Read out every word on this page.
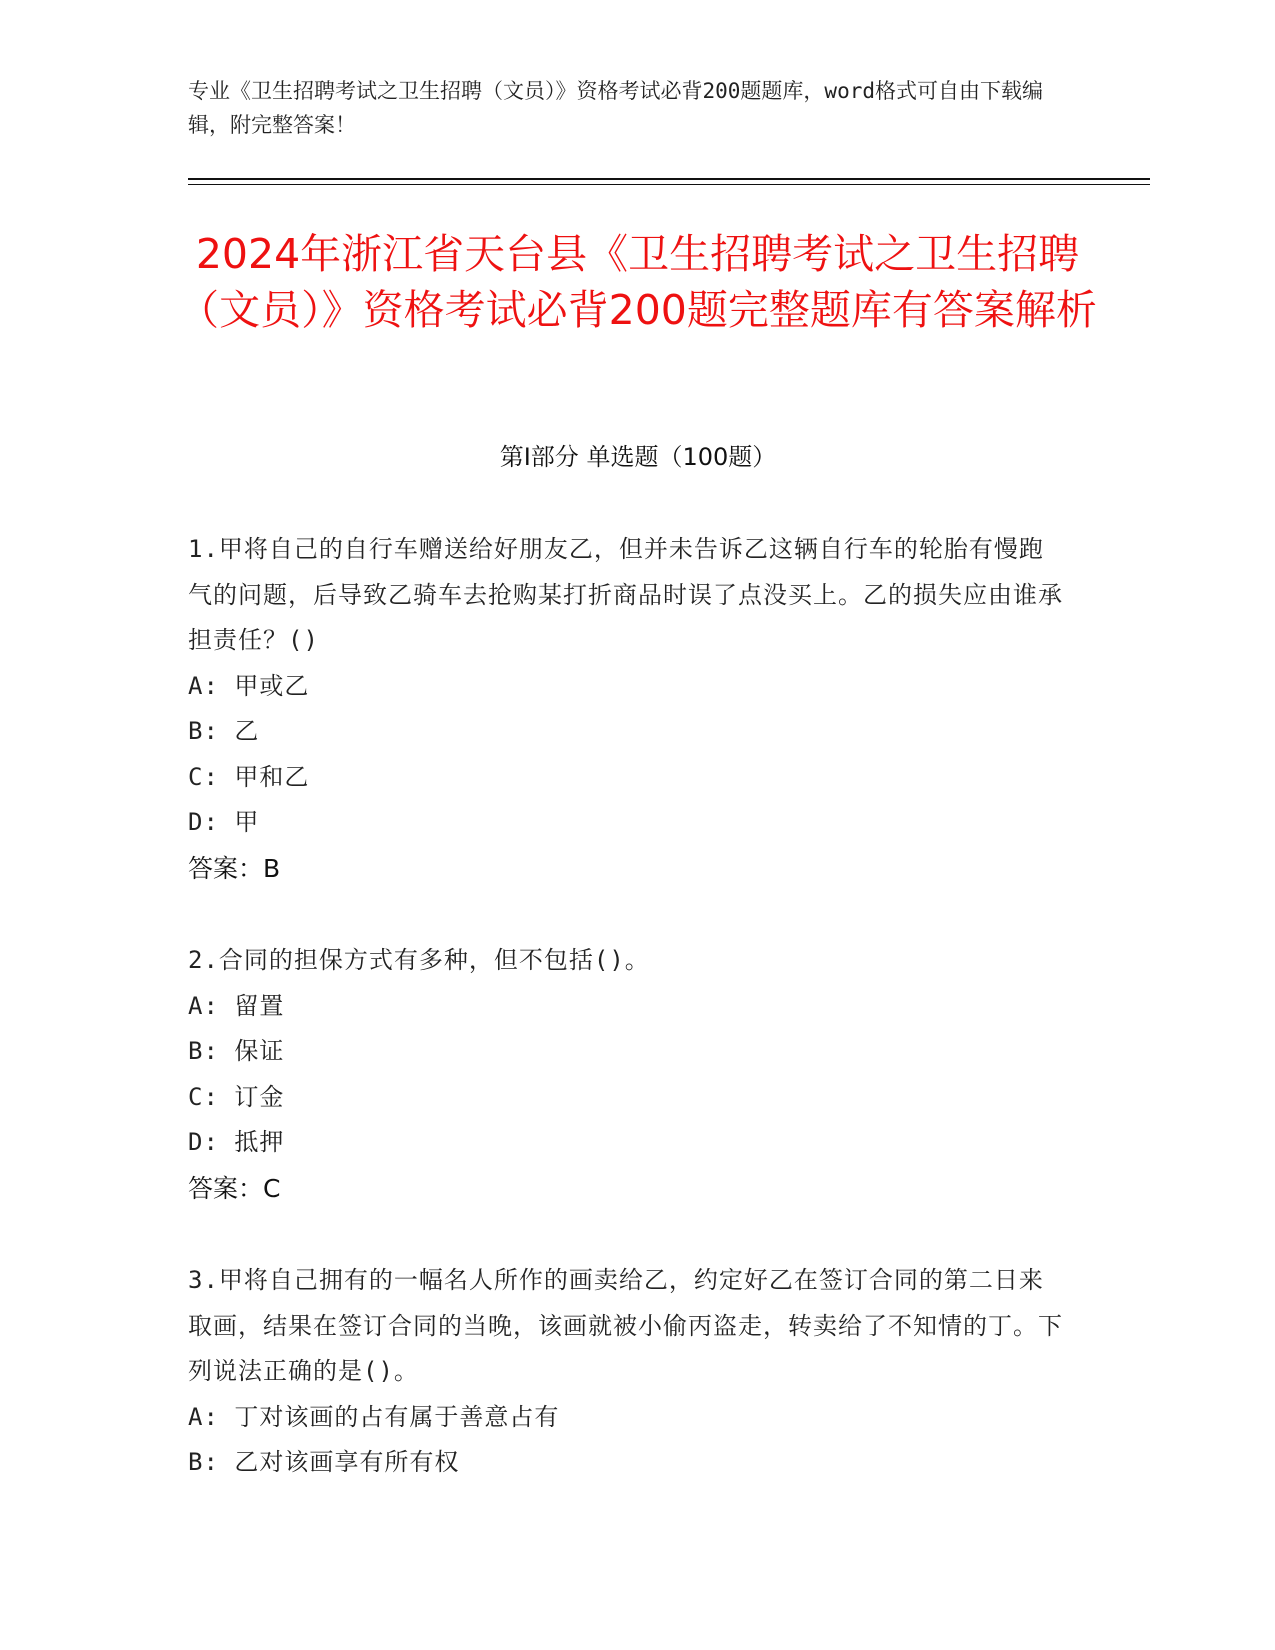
专业《卫生招聘考试之卫生招聘（文员）》资格考试必背200题题库，word格式可自由下载编辑，附完整答案！
2024年浙江省天台县《卫生招聘考试之卫生招聘（文员）》资格考试必背200题完整题库有答案解析
第Ⅰ部分 单选题（100题）
1.甲将自己的自行车赠送给好朋友乙，但并未告诉乙这辆自行车的轮胎有慢跑气的问题，后导致乙骑车去抢购某打折商品时误了点没买上。乙的损失应由谁承担责任？()
A: 甲或乙
B: 乙
C: 甲和乙
D: 甲
答案：B
2.合同的担保方式有多种，但不包括()。
A: 留置
B: 保证
C: 订金
D: 抵押
答案：C
3.甲将自己拥有的一幅名人所作的画卖给乙，约定好乙在签订合同的第二日来取画，结果在签订合同的当晚，该画就被小偷丙盗走，转卖给了不知情的丁。下列说法正确的是()。
A: 丁对该画的占有属于善意占有
B: 乙对该画享有所有权
